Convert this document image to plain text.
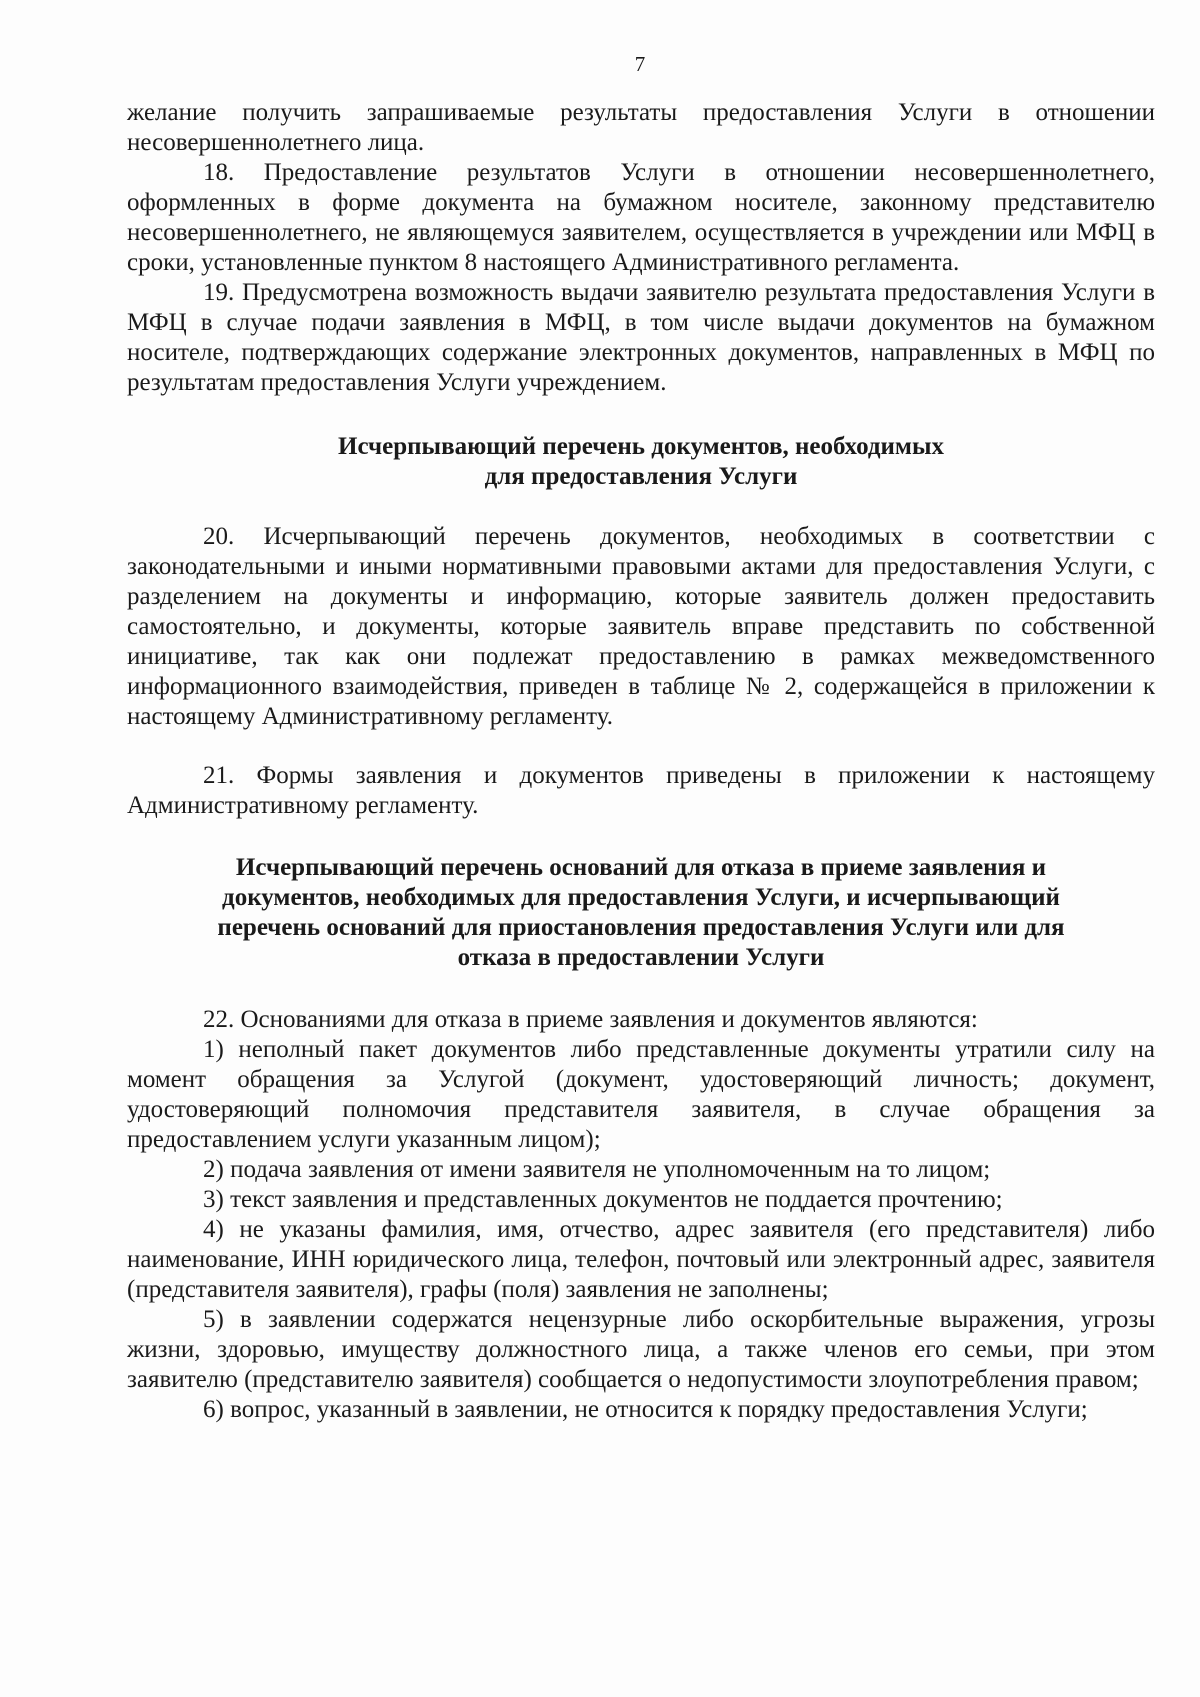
7

желание получить запрашиваемые результаты предоставления Услуги в отношении несовершеннолетнего лица.

18. Предоставление результатов Услуги в отношении несовершеннолетнего, оформленных в форме документа на бумажном носителе, законному представителю несовершеннолетнего, не являющемуся заявителем, осуществляется в учреждении или МФЦ в сроки, установленные пунктом 8 настоящего Административного регламента.

19. Предусмотрена возможность выдачи заявителю результата предоставления Услуги в МФЦ в случае подачи заявления в МФЦ, в том числе выдачи документов на бумажном носителе, подтверждающих содержание электронных документов, направленных в МФЦ по результатам предоставления Услуги учреждением.

Исчерпывающий перечень документов, необходимых
для предоставления Услуги

20. Исчерпывающий перечень документов, необходимых в соответствии с законодательными и иными нормативными правовыми актами для предоставления Услуги, с разделением на документы и информацию, которые заявитель должен предоставить самостоятельно, и документы, которые заявитель вправе представить по собственной инициативе, так как они подлежат предоставлению в рамках межведомственного информационного взаимодействия, приведен в таблице № 2, содержащейся в приложении к настоящему Административному регламенту.

21. Формы заявления и документов приведены в приложении к настоящему Административному регламенту.

Исчерпывающий перечень оснований для отказа в приеме заявления и
документов, необходимых для предоставления Услуги, и исчерпывающий
перечень оснований для приостановления предоставления Услуги или для
отказа в предоставлении Услуги

22. Основаниями для отказа в приеме заявления и документов являются:

1) неполный пакет документов либо представленные документы утратили силу на момент обращения за Услугой (документ, удостоверяющий личность; документ, удостоверяющий полномочия представителя заявителя, в случае обращения за предоставлением услуги указанным лицом);

2) подача заявления от имени заявителя не уполномоченным на то лицом;

3) текст заявления и представленных документов не поддается прочтению;

4) не указаны фамилия, имя, отчество, адрес заявителя (его представителя) либо наименование, ИНН юридического лица, телефон, почтовый или электронный адрес, заявителя (представителя заявителя), графы (поля) заявления не заполнены;

5) в заявлении содержатся нецензурные либо оскорбительные выражения, угрозы жизни, здоровью, имуществу должностного лица, а также членов его семьи, при этом заявителю (представителю заявителя) сообщается о недопустимости злоупотребления правом;

6) вопрос, указанный в заявлении, не относится к порядку предоставления Услуги;
